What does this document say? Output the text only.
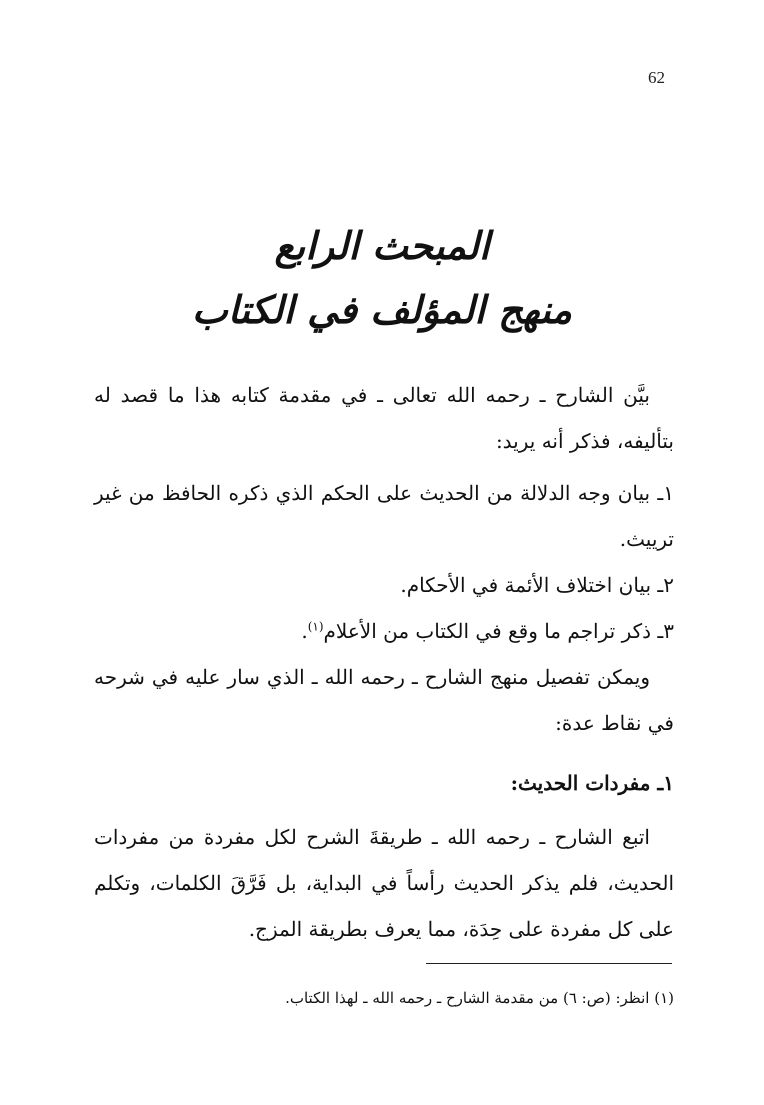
62
المبحث الرابع
منهج المؤلف في الكتاب

بيَّن الشارح ـ رحمه الله تعالى ـ في مقدمة كتابه هذا ما قصد له بتأليفه، فذكر أنه يريد:

١ـ بيان وجه الدلالة من الحديث على الحكم الذي ذكره الحافظ من غير ترييث.

٢ـ بيان اختلاف الأئمة في الأحكام.

٣ـ ذكر تراجم ما وقع في الكتاب من الأعلام$^{(١)}$.

ويمكن تفصيل منهج الشارح ـ رحمه الله ـ الذي سار عليه في شرحه في نقاط عدة:

١ـ مفردات الحديث:

اتبع الشارح ـ رحمه الله ـ طريقةَ الشرح لكل مفردة من مفردات الحديث، فلم يذكر الحديث رأساً في البداية، بل فَرَّقَ الكلمات، وتكلم على كل مفردة على حِدَة، مما يعرف بطريقة المزج.

(١) انظر: (ص: ٦) من مقدمة الشارح ـ رحمه الله ـ لهذا الكتاب.
